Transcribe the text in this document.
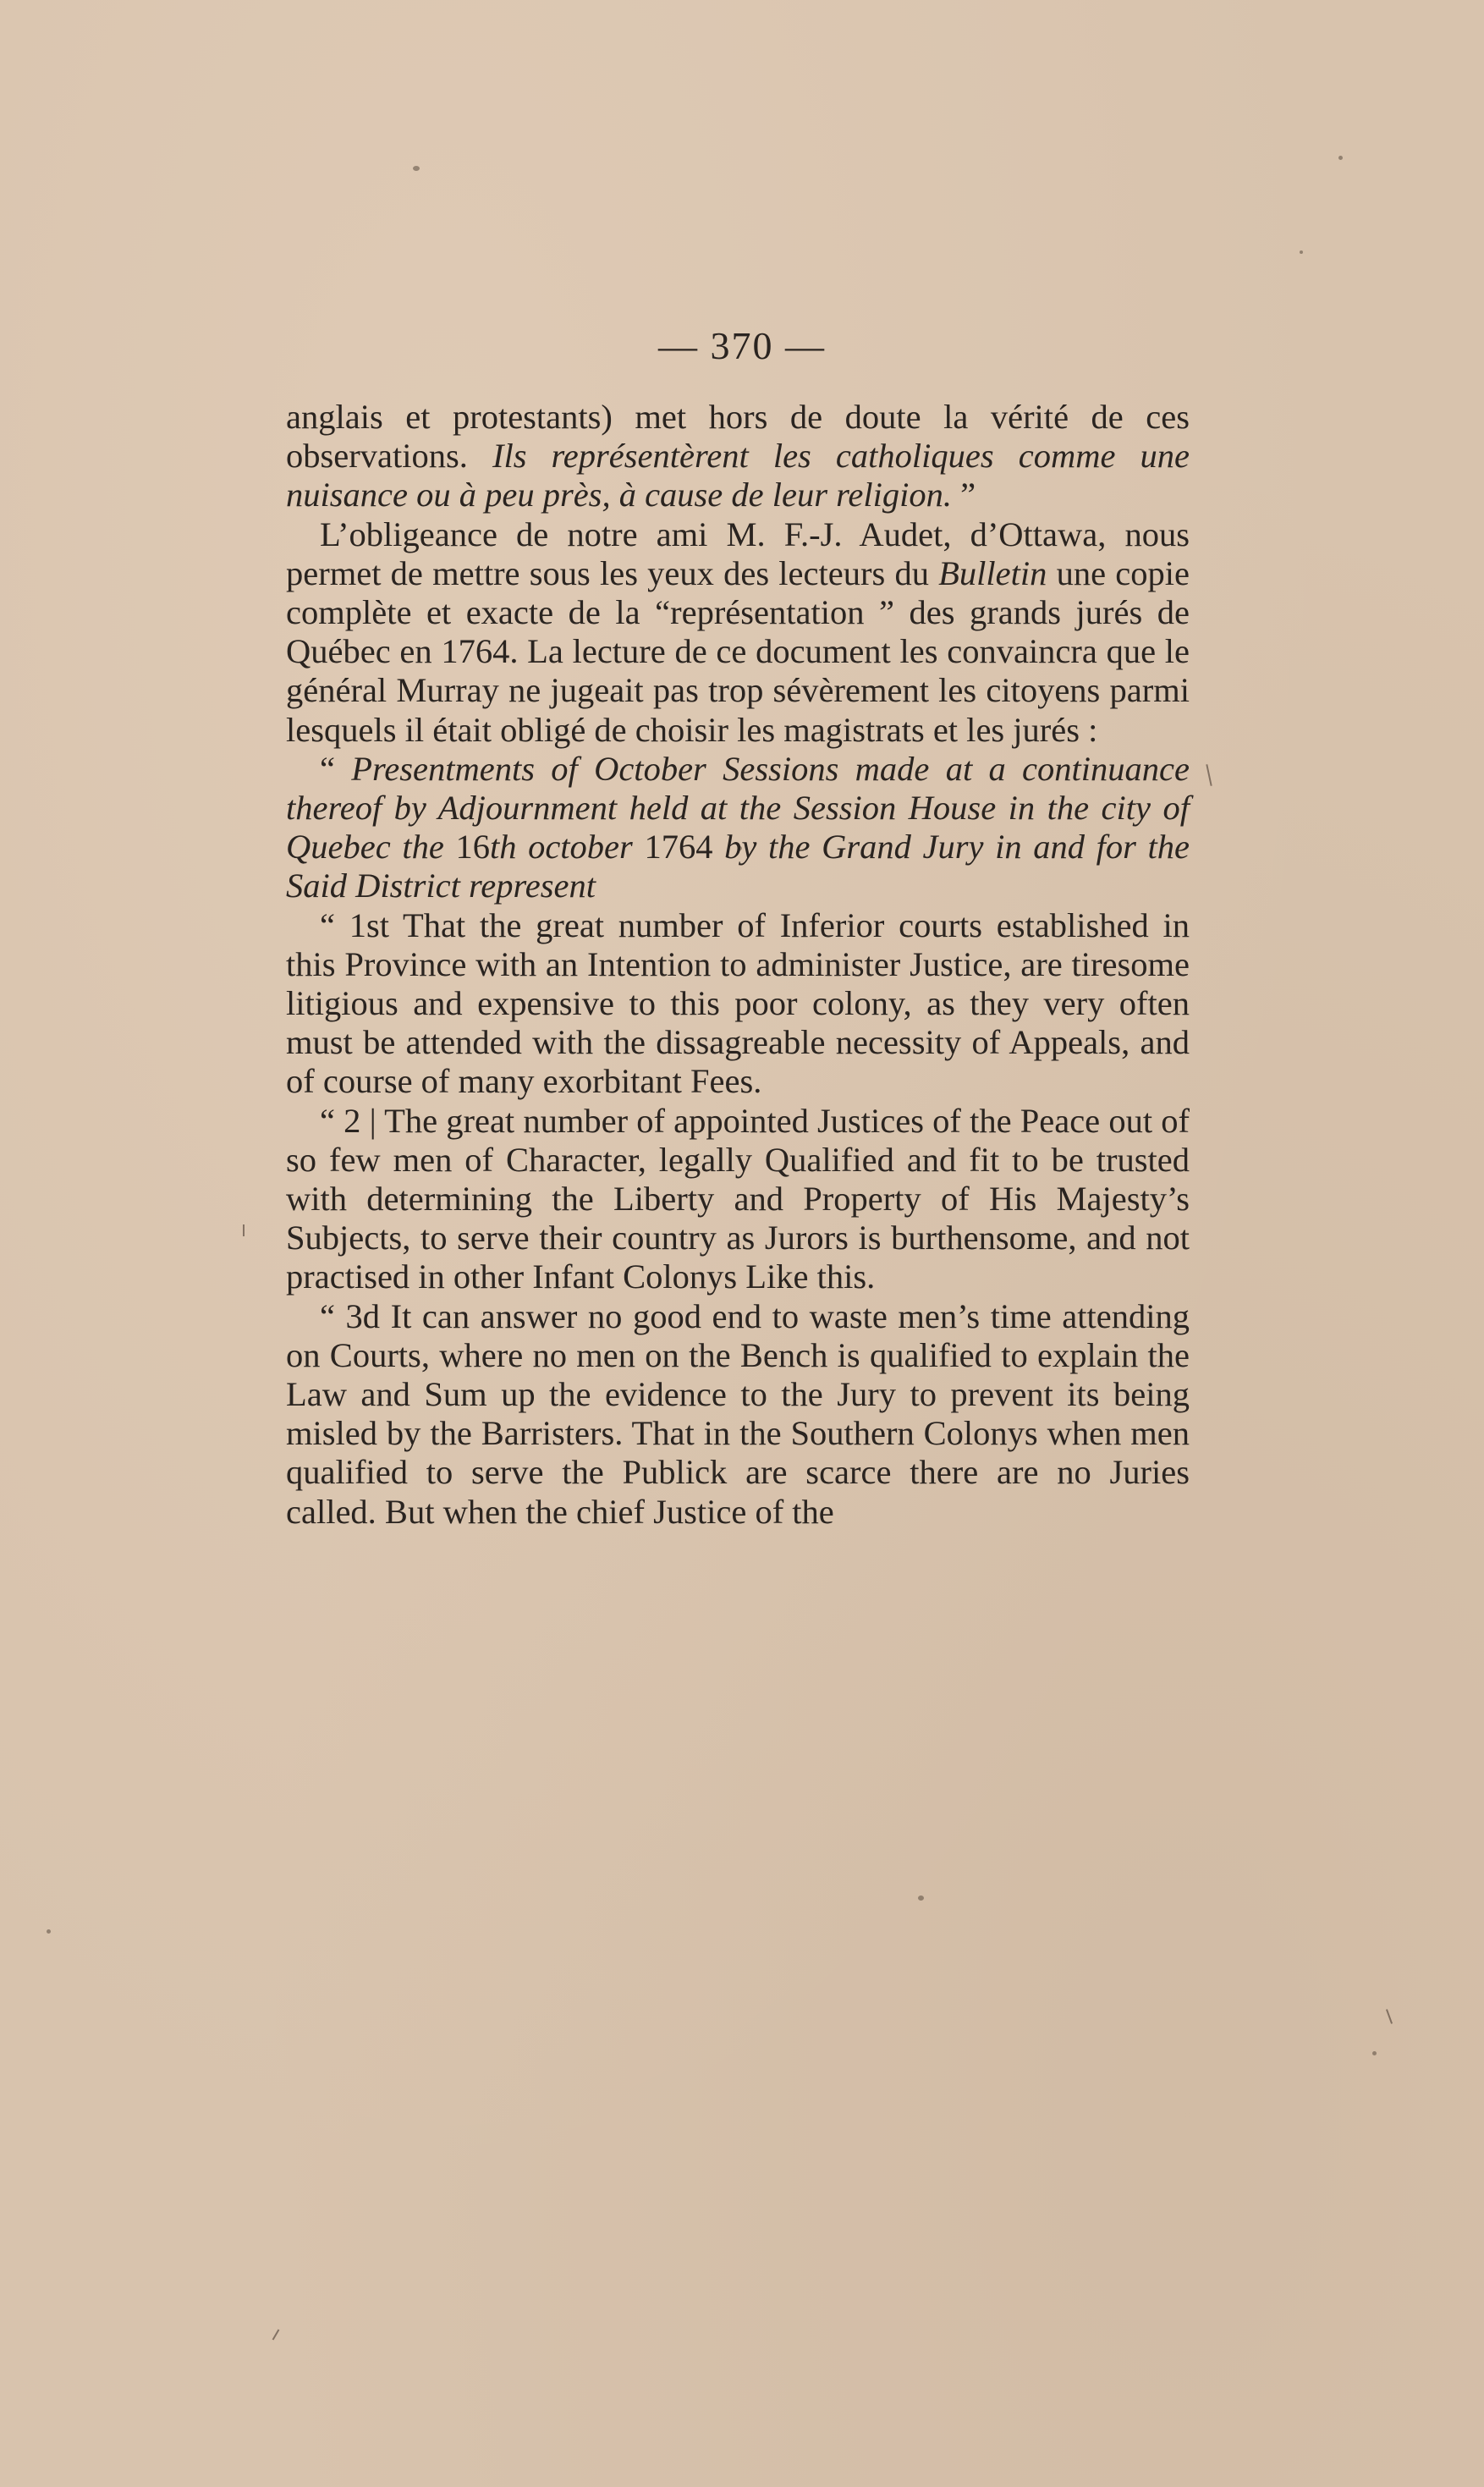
— 370 —

anglais et protestants) met hors de doute la vérité de ces observations. Ils représentèrent les catholiques comme une nuisance ou à peu près, à cause de leur religion. ”

L’obligeance de notre ami M. F.-J. Audet, d’Ottawa, nous permet de mettre sous les yeux des lecteurs du Bulletin une copie complète et exacte de la “représentation ” des grands jurés de Québec en 1764. La lecture de ce document les convaincra que le général Murray ne jugeait pas trop sévèrement les citoyens parmi lesquels il était obligé de choisir les magistrats et les jurés :

“ Presentments of October Sessions made at a continuance thereof by Adjournment held at the Session House in the city of Quebec the 16th october 1764 by the Grand Jury in and for the Said District represent

“ 1st That the great number of Inferior courts established in this Province with an Intention to administer Justice, are tiresome litigious and expensive to this poor colony, as they very often must be attended with the dissagreable necessity of Appeals, and of course of many exorbitant Fees.

“ 2 | The great number of appointed Justices of the Peace out of so few men of Character, legally Qualified and fit to be trusted with determining the Liberty and Property of His Majesty’s Subjects, to serve their country as Jurors is burthensome, and not practised in other Infant Colonys Like this.

“ 3d It can answer no good end to waste men’s time attending on Courts, where no men on the Bench is qualified to explain the Law and Sum up the evidence to the Jury to prevent its being misled by the Barristers. That in the Southern Colonys when men qualified to serve the Publick are scarce there are no Juries called. But when the chief Justice of the
